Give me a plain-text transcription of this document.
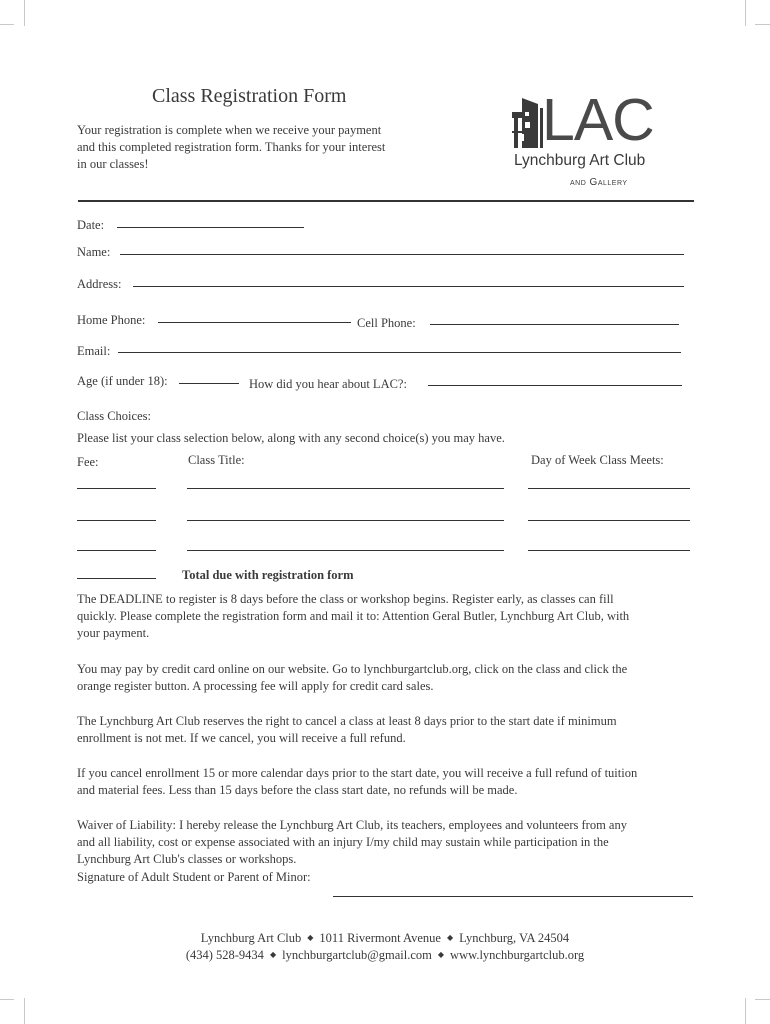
Class Registration Form
Your registration is complete when we receive your payment
and this completed registration form. Thanks for your interest
in our classes!
LAC
Lynchburg Art Club
and Gallery
Date:
Name:
Address:
Home Phone:	Cell Phone:
Email:
Age (if under 18):	How did you hear about LAC?:
Class Choices:
Please list your class selection below, along with any second choice(s) you may have.
Fee:	Class Title:	Day of Week Class Meets:
Total due with registration form
The DEADLINE to register is 8 days before the class or workshop begins. Register early, as classes can fill
quickly. Please complete the registration form and mail it to: Attention Geral Butler, Lynchburg Art Club, with
your payment.
You may pay by credit card online on our website. Go to lynchburgartclub.org, click on the class and click the
orange register button. A processing fee will apply for credit card sales.
The Lynchburg Art Club reserves the right to cancel a class at least 8 days prior to the start date if minimum
enrollment is not met. If we cancel, you will receive a full refund.
If you cancel enrollment 15 or more calendar days prior to the start date, you will receive a full refund of tuition
and material fees. Less than 15 days before the class start date, no refunds will be made.
Waiver of Liability: I hereby release the Lynchburg Art Club, its teachers, employees and volunteers from any
and all liability, cost or expense associated with an injury I/my child may sustain while participation in the
Lynchburg Art Club's classes or workshops.
Signature of Adult Student or Parent of Minor:
Lynchburg Art Club ◆ 1011 Rivermont Avenue ◆ Lynchburg, VA 24504
(434) 528-9434 ◆ lynchburgartclub@gmail.com ◆ www.lynchburgartclub.org
